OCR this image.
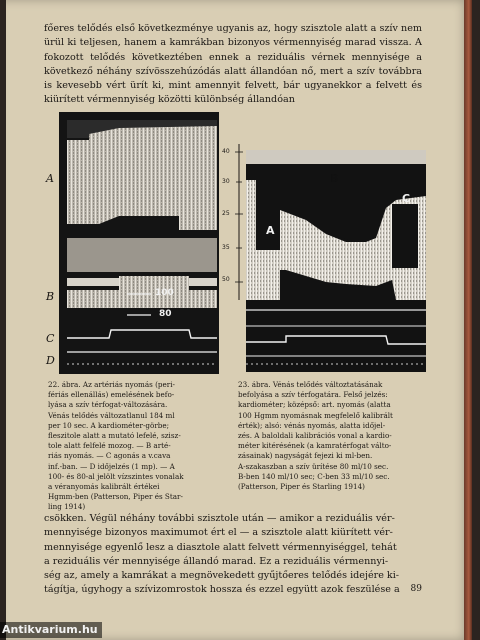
főeres telődés első következménye ugyanis az, hogy szisztole alatt a szív nem ürül ki teljesen, hanem a kamrákban bizonyos vérmennyiség marad vissza. A fokozott telődés következtében ennek a reziduális vérnek mennyisége a következő néhány szívösszehúzódás alatt állandóan nő, mert a szív továbbra is kevesebb vért ürít ki, mint amennyit felvett, bár ugyanekkor a felvett és kiürített vérmennyiség közötti különbség állandóan

A
B
C
D
100
80
22. ábra. Az artériás nyomás (peri-
fériás ellenállás) emelésének befo-
lyása a szív térfogat-változására.
Vénás telődés változatlanul 184 ml
per 10 sec. A kardiométer-görbe;
fleszitole alatt a mutató lefelé, szisz-
tole alatt felfelé mozog. — B arté-
riás nyomás. — C agonás a v.cava
inf.-ban. — D időjelzés (1 mp). — A
100- és 80-al jelölt vízszintes vonalak
a véranyomás kalibrált értékei
Hgmm-ben (Patterson, Piper és Star-
ling 1914)
40
30
25
35
50
B
A
C
23. ábra. Vénás telődés változtatásának
befolyása a szív térfogatára. Felső jelzés:
kardiométer; középső: art. nyomás (alatta
100 Hgmm nyomásnak megfelelő kalibrált
érték); alsó: vénás nyomás, alatta időjel-
zés. A baloldali kalibrációs vonal a kardio-
méter kitérésének (a kamratérfogat válto-
zásainak) nagyságát fejezi ki ml-ben.
A-szakaszban a szív ürítése 80 ml/10 sec.
B-ben 140 ml/10 sec; C-ben 33 ml/10 sec.
(Patterson, Piper és Starling 1914)
csökken. Végül néhány további szisztole után — amikor a reziduális vér-
mennyisége bizonyos maximumot ért el — a szisztole alatt kiürített vér-
mennyisége egyenlő lesz a diasztole alatt felvett vérmennyiséggel, tehát
a reziduális vér mennyisége állandó marad. Ez a reziduális vérmennyi-
ség az, amely a kamrákat a megnövekedett gyűjtőeres telődés idejére ki-
tágítja, úgyhogy a szívizomrostok hossza és ezzel együtt azok feszülése a	89
Antikvarium.hu
